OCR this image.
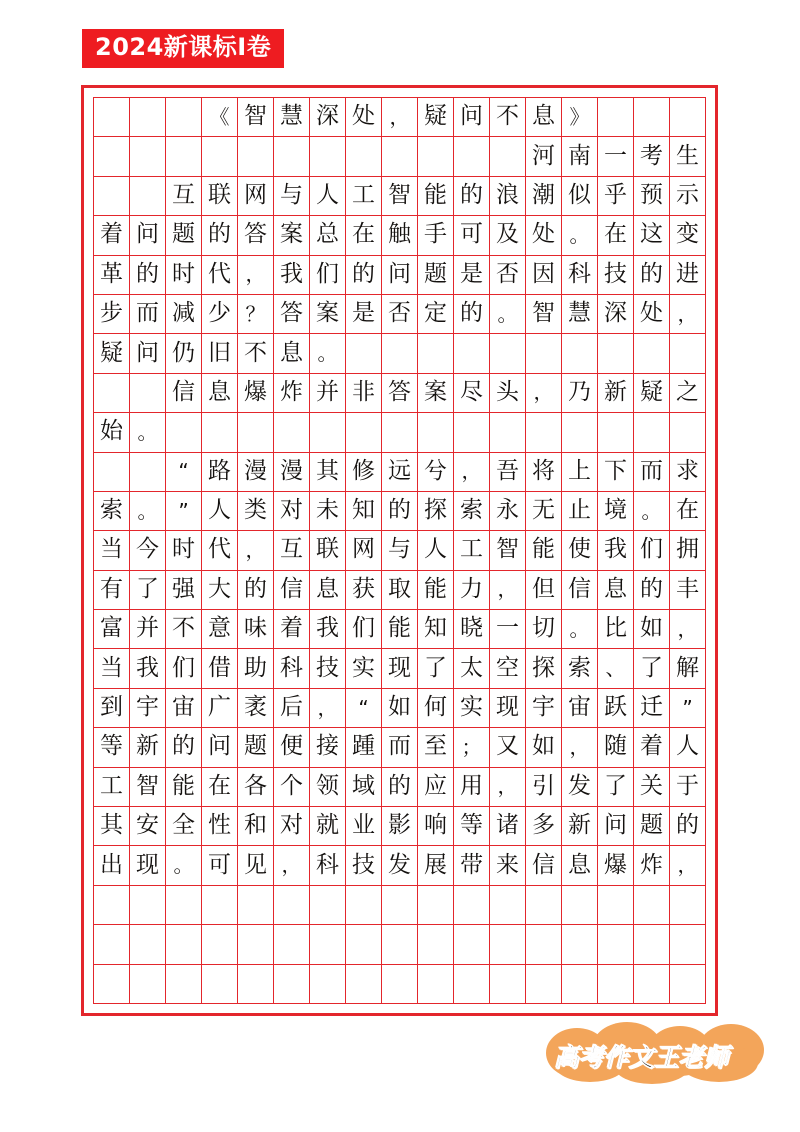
2024新课标I卷
《 智 慧 深 处 ， 疑 问 不 息 》
河 南 一 考 生
互 联 网 与 人 工 智 能 的 浪 潮 似 乎 预 示
着 问 题 的 答 案 总 在 触 手 可 及 处 。 在 这 变
革 的 时 代 ， 我 们 的 问 题 是 否 因 科 技 的 进
步 而 减 少 ？ 答 案 是 否 定 的 。 智 慧 深 处 ，
疑 问 仍 旧 不 息 。
信 息 爆 炸 并 非 答 案 尽 头 ， 乃 新 疑 之
始 。
“ 路 漫 漫 其 修 远 兮 ， 吾 将 上 下 而 求
索 。	” 人 类 对 未 知 的 探 索 永 无 止 境 。 在
当 今 时 代 ， 互 联 网 与 人 工 智 能 使 我 们 拥
有 了 强 大 的 信 息 获 取 能 力 ， 但 信 息 的 丰
富 并 不 意 味 着 我 们 能 知 晓 一 切 。 比 如 ，
当 我 们 借 助 科 技 实 现 了 太 空 探 索 、 了 解
到 宇 宙 广 袤 后 ，	“ 如 何 实 现 宇 宙 跃 迁 ”
等 新 的 问 题 便 接 踵 而 至 ； 又 如 ， 随 着 人
工 智 能 在 各 个 领 域 的 应 用 ， 引 发 了 关 于
其 安 全 性 和 对 就 业 影 响 等 诸 多 新 问 题 的
出 现 。 可 见 ， 科 技 发 展 带 来 信 息 爆 炸 ，
高考作文王老师
